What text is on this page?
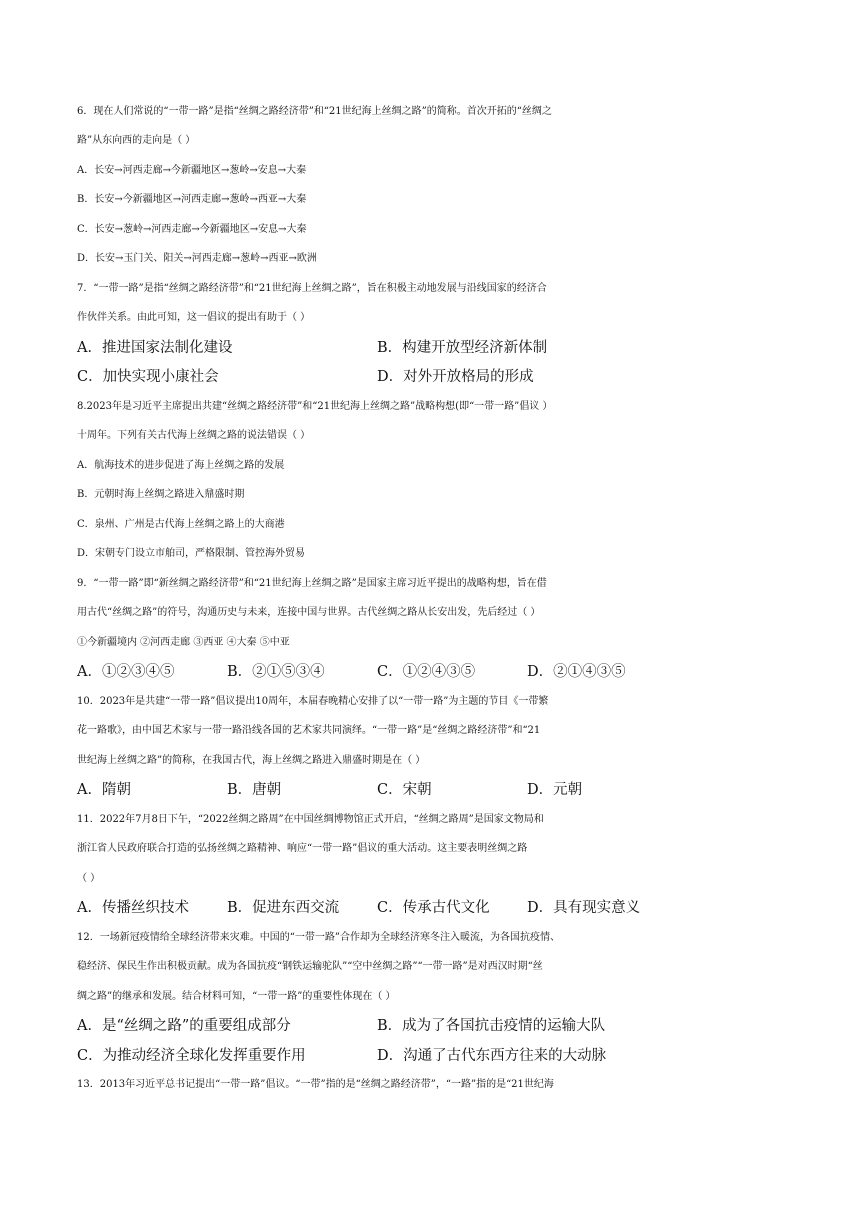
6．现在人们常说的“一带一路”是指“丝绸之路经济带”和“21世纪海上丝绸之路”的简称。首次开拓的“丝绸之
路”从东向西的走向是（ ）
A．长安→河西走廊→今新疆地区→葱岭→安息→大秦
B．长安→今新疆地区→河西走廊→葱岭→西亚→大秦
C．长安→葱岭→河西走廊→今新疆地区→安息→大秦
D．长安→玉门关、阳关→河西走廊→葱岭→西亚→欧洲
7．“一带一路”是指“丝绸之路经济带”和“21世纪海上丝绸之路”，旨在积极主动地发展与沿线国家的经济合
作伙伴关系。由此可知，这一倡议的提出有助于（ ）
A．推进国家法制化建设	B．构建开放型经济新体制
C．加快实现小康社会	D．对外开放格局的形成
8.2023年是习近平主席提出共建“丝绸之路经济带”和“21世纪海上丝绸之路”战略构想(即“一带一路”倡议 ）
十周年。下列有关古代海上丝绸之路的说法错误（ ）
A．航海技术的进步促进了海上丝绸之路的发展
B．元朝时海上丝绸之路进入鼎盛时期
C．泉州、广州是古代海上丝绸之路上的大商港
D．宋朝专门设立市舶司，严格限制、管控海外贸易
9．“一带一路”即“新丝绸之路经济带”和“21世纪海上丝绸之路”是国家主席习近平提出的战略构想，旨在借
用古代“丝绸之路”的符号，沟通历史与未来，连接中国与世界。古代丝绸之路从长安出发，先后经过（ ）
①今新疆境内 ②河西走廊 ③西亚 ④大秦 ⑤中亚
A．①②③④⑤	B．②①⑤③④	C．①②④③⑤	D．②①④③⑤
10．2023年是共建“一带一路”倡议提出10周年，本届春晚精心安排了以“一带一路”为主题的节目《一带繁
花一路歌》，由中国艺术家与一带一路沿线各国的艺术家共同演绎。“一带一路”是“丝绸之路经济带”和“21
世纪海上丝绸之路”的简称，在我国古代，海上丝绸之路进入鼎盛时期是在（ ）
A．隋朝	B．唐朝	C．宋朝	D．元朝
11．2022年7月8日下午，“2022丝绸之路周”在中国丝绸博物馆正式开启，“丝绸之路周”是国家文物局和
浙江省人民政府联合打造的弘扬丝绸之路精神、响应“一带一路”倡议的重大活动。这主要表明丝绸之路
（ ）
A．传播丝织技术	B．促进东西交流	C．传承古代文化	D．具有现实意义
12．一场新冠疫情给全球经济带来灾难。中国的“一带一路”合作却为全球经济寒冬注入暖流，为各国抗疫情、
稳经济、保民生作出积极贡献。成为各国抗疫“钢铁运输驼队”“空中丝绸之路”“一带一路”是对西汉时期“丝
绸之路”的继承和发展。结合材料可知，“一带一路”的重要性体现在（ ）
A．是“丝绸之路”的重要组成部分	B．成为了各国抗击疫情的运输大队
C．为推动经济全球化发挥重要作用	D．沟通了古代东西方往来的大动脉
13．2013年习近平总书记提出“一带一路”倡议。“一带”指的是“丝绸之路经济带”，“一路”指的是“21世纪海
